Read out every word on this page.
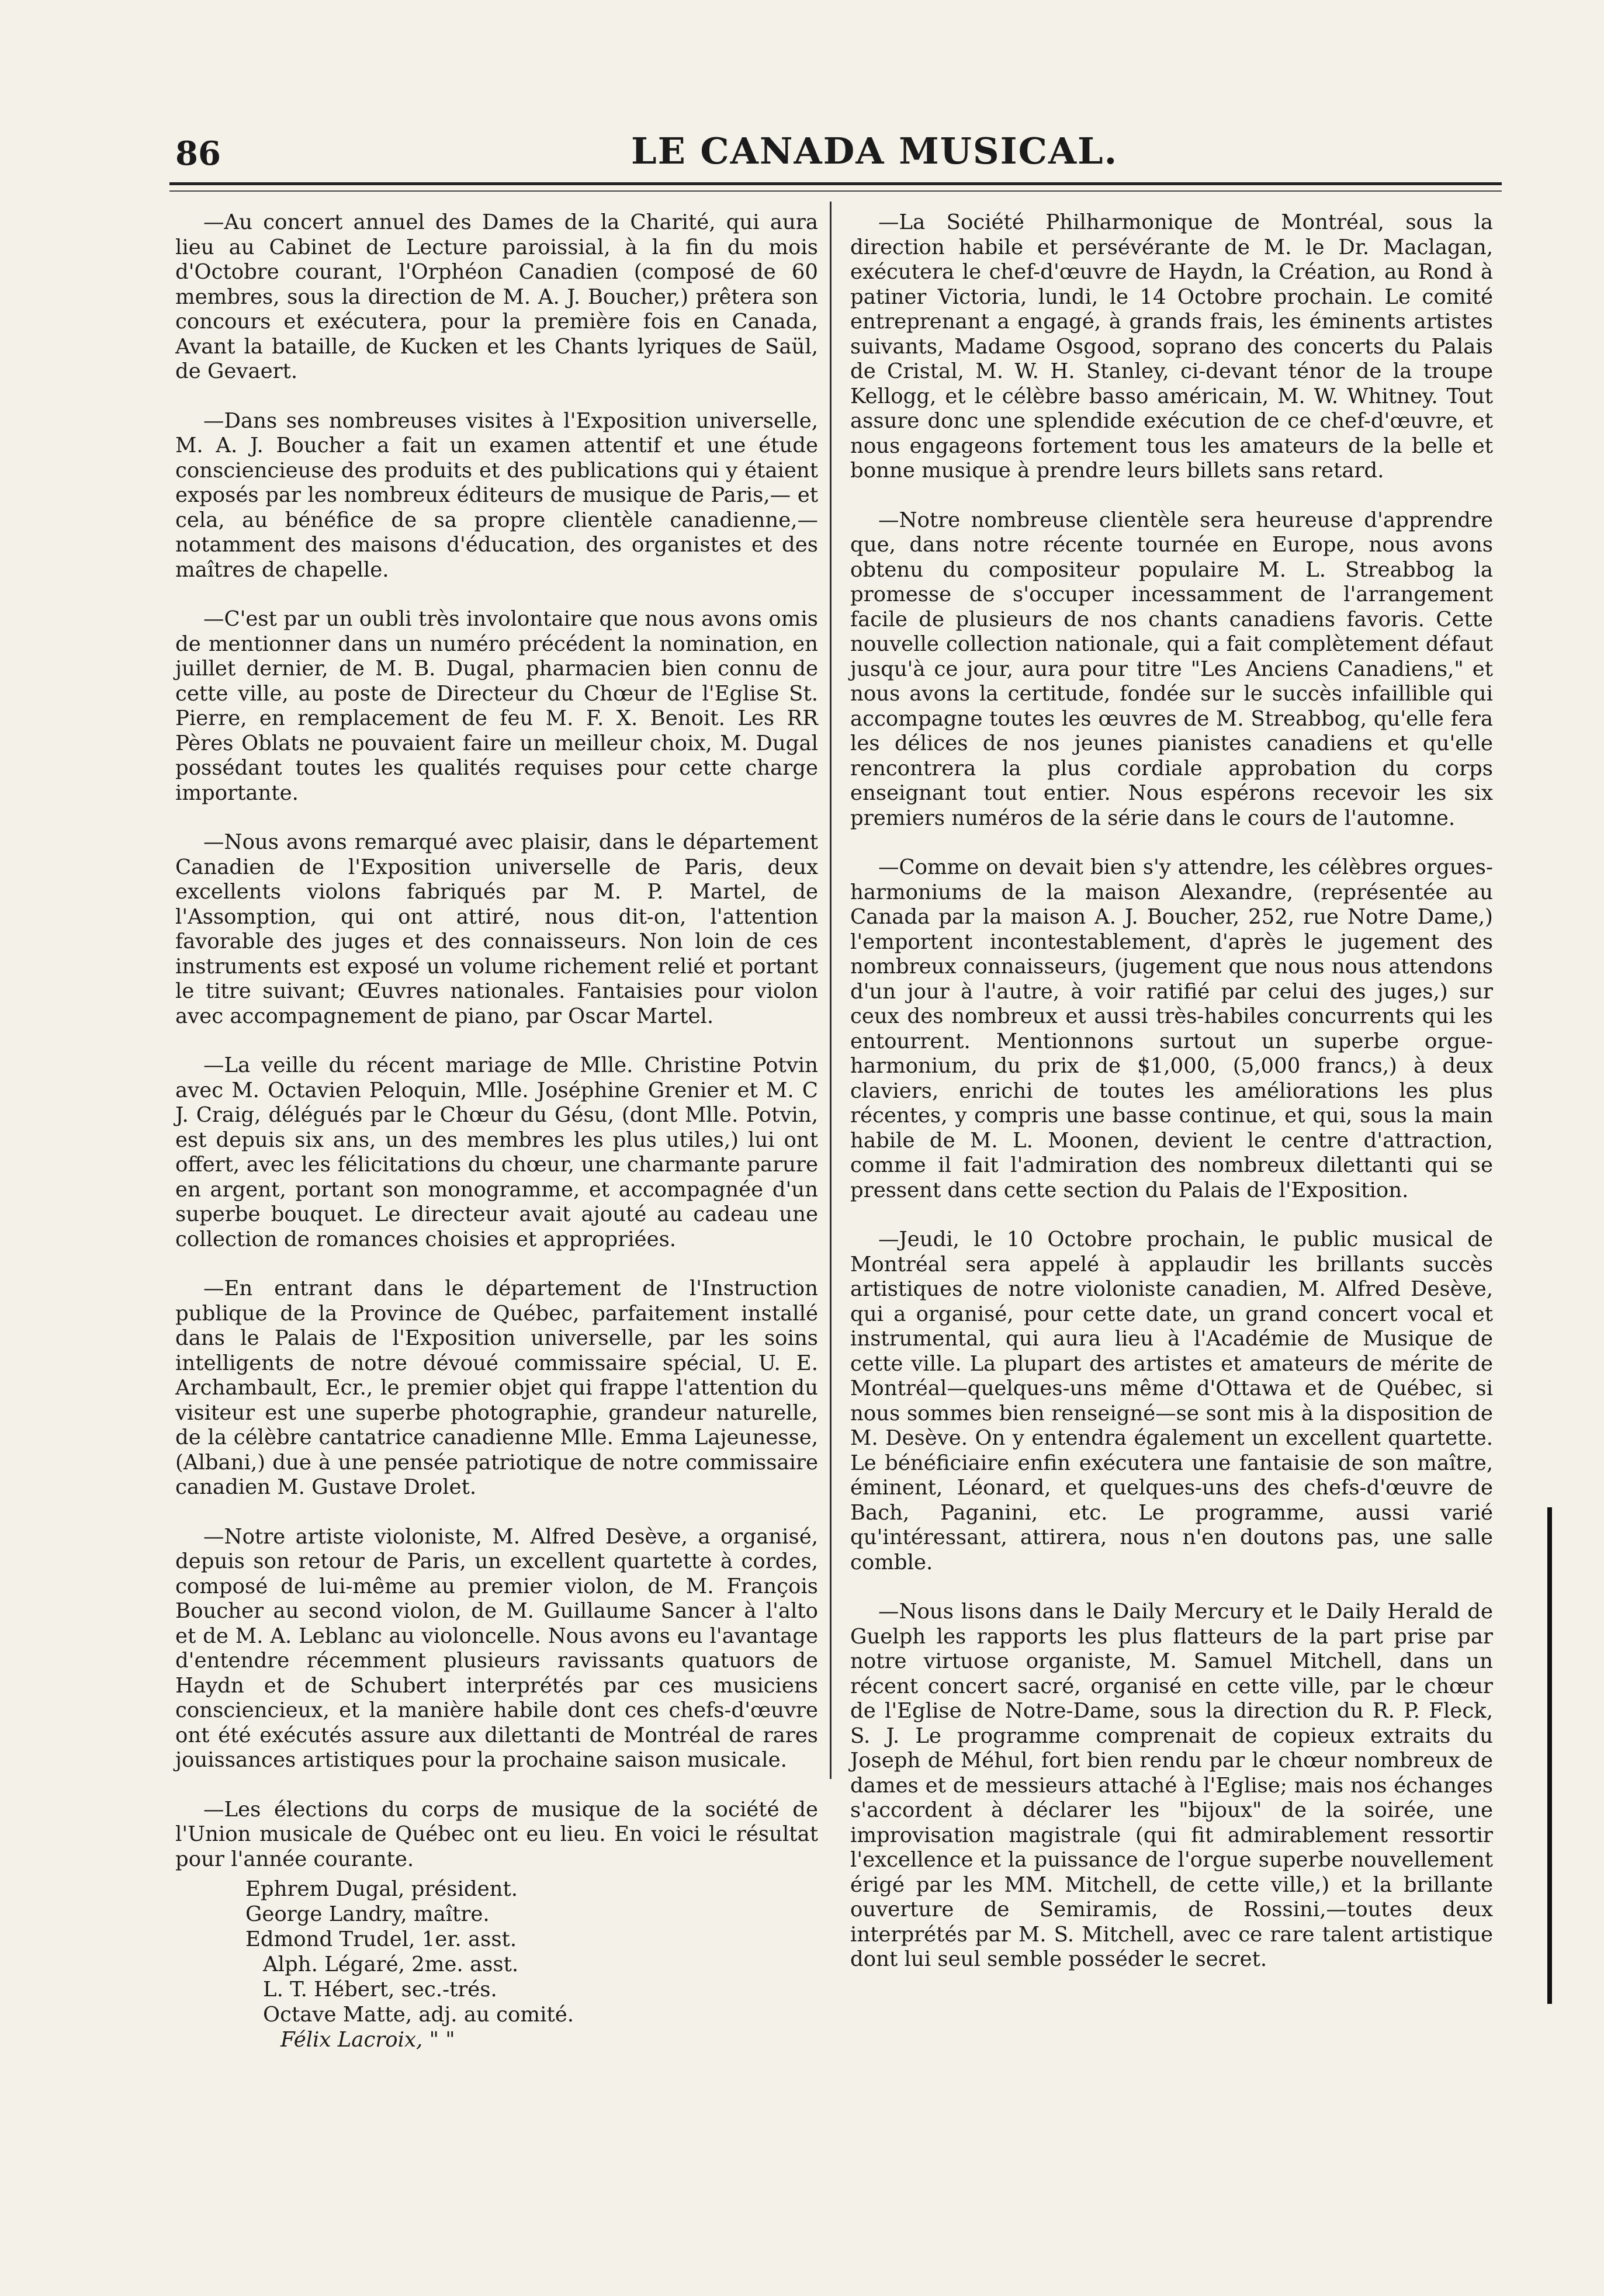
86	LE CANADA MUSICAL.

—Au concert annuel des Dames de la Charité, qui aura lieu au Cabinet de Lecture paroissial, à la fin du mois d'Octobre courant, l'Orphéon Canadien (composé de 60 membres, sous la direction de M. A. J. Boucher,) prêtera son concours et exécutera, pour la première fois en Canada, Avant la bataille, de Kucken et les Chants lyriques de Saül, de Gevaert.

—Dans ses nombreuses visites à l'Exposition universelle, M. A. J. Boucher a fait un examen attentif et une étude consciencieuse des produits et des publications qui y étaient exposés par les nombreux éditeurs de musique de Paris,— et cela, au bénéfice de sa propre clientèle canadienne,—notamment des maisons d'éducation, des organistes et des maîtres de chapelle.

—C'est par un oubli très involontaire que nous avons omis de mentionner dans un numéro précédent la nomination, en juillet dernier, de M. B. Dugal, pharmacien bien connu de cette ville, au poste de Directeur du Chœur de l'Eglise St. Pierre, en remplacement de feu M. F. X. Benoit. Les RR Pères Oblats ne pouvaient faire un meilleur choix, M. Dugal possédant toutes les qualités requises pour cette charge importante.

—Nous avons remarqué avec plaisir, dans le département Canadien de l'Exposition universelle de Paris, deux excellents violons fabriqués par M. P. Martel, de l'Assomption, qui ont attiré, nous dit-on, l'attention favorable des juges et des connaisseurs. Non loin de ces instruments est exposé un volume richement relié et portant le titre suivant; Œuvres nationales. Fantaisies pour violon avec accompagnement de piano, par Oscar Martel.

—La veille du récent mariage de Mlle. Christine Potvin avec M. Octavien Peloquin, Mlle. Joséphine Grenier et M. C J. Craig, délégués par le Chœur du Gésu, (dont Mlle. Potvin, est depuis six ans, un des membres les plus utiles,) lui ont offert, avec les félicitations du chœur, une charmante parure en argent, portant son monogramme, et accompagnée d'un superbe bouquet. Le directeur avait ajouté au cadeau une collection de romances choisies et appropriées.

—En entrant dans le département de l'Instruction publique de la Province de Québec, parfaitement installé dans le Palais de l'Exposition universelle, par les soins intelligents de notre dévoué commissaire spécial, U. E. Archambault, Ecr., le premier objet qui frappe l'attention du visiteur est une superbe photographie, grandeur naturelle, de la célèbre cantatrice canadienne Mlle. Emma Lajeunesse, (Albani,) due à une pensée patriotique de notre commissaire canadien M. Gustave Drolet.

—Notre artiste violoniste, M. Alfred Desève, a organisé, depuis son retour de Paris, un excellent quartette à cordes, composé de lui-même au premier violon, de M. François Boucher au second violon, de M. Guillaume Sancer à l'alto et de M. A. Leblanc au violoncelle. Nous avons eu l'avantage d'entendre récemment plusieurs ravissants quatuors de Haydn et de Schubert interprétés par ces musiciens consciencieux, et la manière habile dont ces chefs-d'œuvre ont été exécutés assure aux dilettanti de Montréal de rares jouissances artistiques pour la prochaine saison musicale.

—Les élections du corps de musique de la société de l'Union musicale de Québec ont eu lieu. En voici le résultat pour l'année courante.

Ephrem Dugal, président.
George Landry, maître.
Edmond Trudel, 1er. asst.
Alph. Légaré, 2me. asst.
L. T. Hébert, sec.-trés.
Octave Matte, adj. au comité.
Félix Lacroix, " "

—La Société Philharmonique de Montréal, sous la direction habile et persévérante de M. le Dr. Maclagan, exécutera le chef-d'œuvre de Haydn, la Création, au Rond à patiner Victoria, lundi, le 14 Octobre prochain. Le comité entreprenant a engagé, à grands frais, les éminents artistes suivants, Madame Osgood, soprano des concerts du Palais de Cristal, M. W. H. Stanley, ci-devant ténor de la troupe Kellogg, et le célèbre basso américain, M. W. Whitney. Tout assure donc une splendide exécution de ce chef-d'œuvre, et nous engageons fortement tous les amateurs de la belle et bonne musique à prendre leurs billets sans retard.

—Notre nombreuse clientèle sera heureuse d'apprendre que, dans notre récente tournée en Europe, nous avons obtenu du compositeur populaire M. L. Streabbog la promesse de s'occuper incessamment de l'arrangement facile de plusieurs de nos chants canadiens favoris. Cette nouvelle collection nationale, qui a fait complètement défaut jusqu'à ce jour, aura pour titre "Les Anciens Canadiens," et nous avons la certitude, fondée sur le succès infaillible qui accompagne toutes les œuvres de M. Streabbog, qu'elle fera les délices de nos jeunes pianistes canadiens et qu'elle rencontrera la plus cordiale approbation du corps enseignant tout entier. Nous espérons recevoir les six premiers numéros de la série dans le cours de l'automne.

—Comme on devait bien s'y attendre, les célèbres orgues-harmoniums de la maison Alexandre, (représentée au Canada par la maison A. J. Boucher, 252, rue Notre Dame,) l'emportent incontestablement, d'après le jugement des nombreux connaisseurs, (jugement que nous nous attendons d'un jour à l'autre, à voir ratifié par celui des juges,) sur ceux des nombreux et aussi très-habiles concurrents qui les entourrent. Mentionnons surtout un superbe orgue-harmonium, du prix de $1,000, (5,000 francs,) à deux claviers, enrichi de toutes les améliorations les plus récentes, y compris une basse continue, et qui, sous la main habile de M. L. Moonen, devient le centre d'attraction, comme il fait l'admiration des nombreux dilettanti qui se pressent dans cette section du Palais de l'Exposition.

—Jeudi, le 10 Octobre prochain, le public musical de Montréal sera appelé à applaudir les brillants succès artistiques de notre violoniste canadien, M. Alfred Desève, qui a organisé, pour cette date, un grand concert vocal et instrumental, qui aura lieu à l'Académie de Musique de cette ville. La plupart des artistes et amateurs de mérite de Montréal—quelques-uns même d'Ottawa et de Québec, si nous sommes bien renseigné—se sont mis à la disposition de M. Desève. On y entendra également un excellent quartette. Le bénéficiaire enfin exécutera une fantaisie de son maître, éminent, Léonard, et quelques-uns des chefs-d'œuvre de Bach, Paganini, etc. Le programme, aussi varié qu'intéressant, attirera, nous n'en doutons pas, une salle comble.

—Nous lisons dans le Daily Mercury et le Daily Herald de Guelph les rapports les plus flatteurs de la part prise par notre virtuose organiste, M. Samuel Mitchell, dans un récent concert sacré, organisé en cette ville, par le chœur de l'Eglise de Notre-Dame, sous la direction du R. P. Fleck, S. J. Le programme comprenait de copieux extraits du Joseph de Méhul, fort bien rendu par le chœur nombreux de dames et de messieurs attaché à l'Eglise; mais nos échanges s'accordent à déclarer les "bijoux" de la soirée, une improvisation magistrale (qui fit admirablement ressortir l'excellence et la puissance de l'orgue superbe nouvellement érigé par les MM. Mitchell, de cette ville,) et la brillante ouverture de Semiramis, de Rossini,—toutes deux interprétés par M. S. Mitchell, avec ce rare talent artistique dont lui seul semble posséder le secret.
